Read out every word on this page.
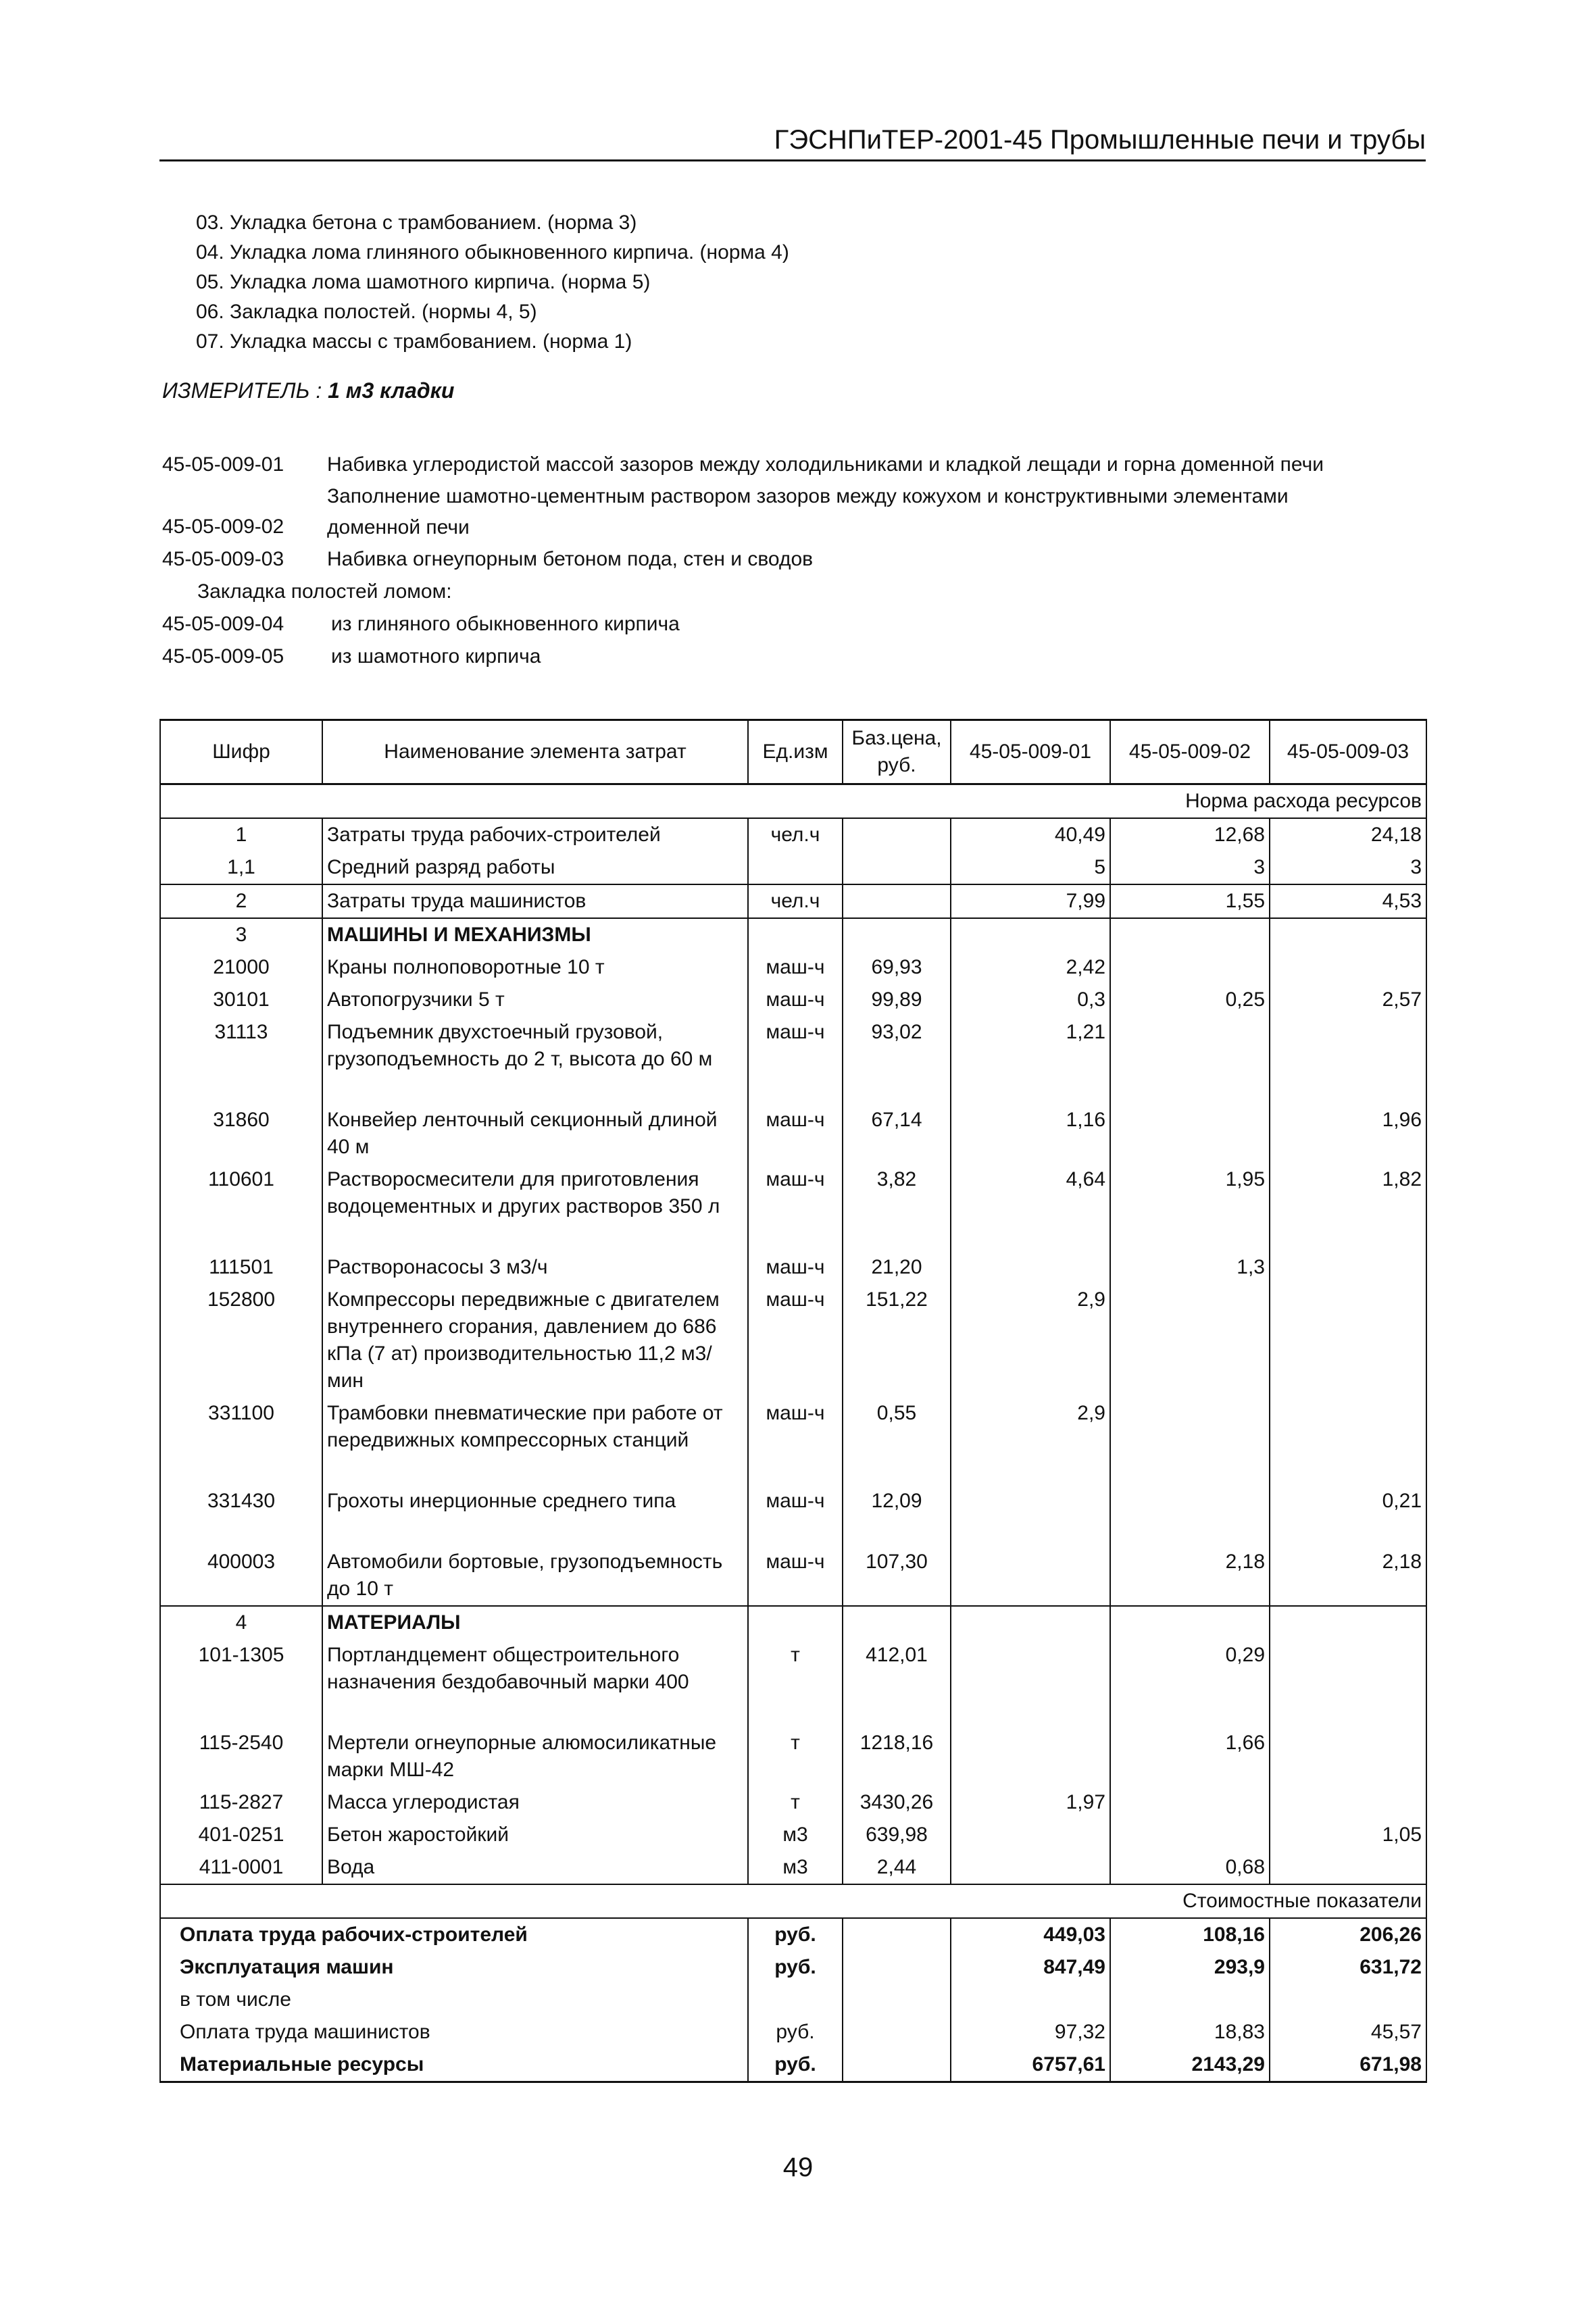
ГЭСНПиТЕР-2001-45 Промышленные печи и трубы
03. Укладка бетона с трамбованием. (норма 3)
04. Укладка лома глиняного обыкновенного кирпича. (норма 4)
05. Укладка лома шамотного кирпича. (норма 5)
06. Закладка полостей. (нормы 4, 5)
07. Укладка массы с трамбованием. (норма 1)
ИЗМЕРИТЕЛЬ : 1 м3 кладки
45-05-009-01 Набивка углеродистой массой зазоров между холодильниками и кладкой лещади и горна доменной печи
45-05-009-02
Заполнение шамотно-цементным раствором зазоров между кожухом и конструктивными элементами
доменной печи
45-05-009-03 Набивка огнеупорным бетоном пода, стен и сводов
Закладка полостей ломом:
45-05-009-04 из глиняного обыкновенного кирпича
45-05-009-05 из шамотного кирпича
Шифр	Наименование элемента затрат	Ед.изм	Баз.цена, руб.	45-05-009-01	45-05-009-02	45-05-009-03
				Норма расхода ресурсов		
1	Затраты труда рабочих-строителей	чел.ч		40,49	12,68	24,18
1,1	Средний разряд работы			5	3	3
2	Затраты труда машинистов	чел.ч		7,99	1,55	4,53
3	МАШИНЫ И МЕХАНИЗМЫ					
21000	Краны полноповоротные 10 т	маш-ч	69,93	2,42		
30101	Автопогрузчики 5 т	маш-ч	99,89	0,3	0,25	2,57
31113	Подъемник двухстоечный грузовой, грузоподъемность до 2 т, высота до 60 м	маш-ч	93,02	1,21		
31860	Конвейер ленточный секционный длиной 40 м	маш-ч	67,14	1,16		1,96
110601	Растворосмесители для приготовления водоцементных и других растворов 350 л	маш-ч	3,82	4,64	1,95	1,82
111501	Растворонасосы 3 м3/ч	маш-ч	21,20		1,3	
152800	Компрессоры передвижные с двигателем внутреннего сгорания, давлением до 686 кПа (7 ат) производительностью 11,2 м3/мин	маш-ч	151,22	2,9		
331100	Трамбовки пневматические при работе от передвижных компрессорных станций	маш-ч	0,55	2,9		
331430	Грохоты инерционные среднего типа	маш-ч	12,09			0,21
400003	Автомобили бортовые, грузоподъемность до 10 т	маш-ч	107,30		2,18	2,18
4	МАТЕРИАЛЫ					
101-1305	Портландцемент общестроительного назначения бездобавочный марки 400	т	412,01		0,29	
115-2540	Мертели огнеупорные алюмосиликатные марки МШ-42	т	1218,16		1,66	
115-2827	Масса углеродистая	т	3430,26	1,97		
401-0251	Бетон жаростойкий	м3	639,98			1,05
411-0001	Вода	м3	2,44		0,68	
				Стоимостные показатели		
Оплата труда рабочих-строителей		руб.		449,03	108,16	206,26
Эксплуатация машин		руб.		847,49	293,9	631,72
в том числе						
Оплата труда машинистов		руб.		97,32	18,83	45,57
Материальные ресурсы		руб.		6757,61	2143,29	671,98
49
